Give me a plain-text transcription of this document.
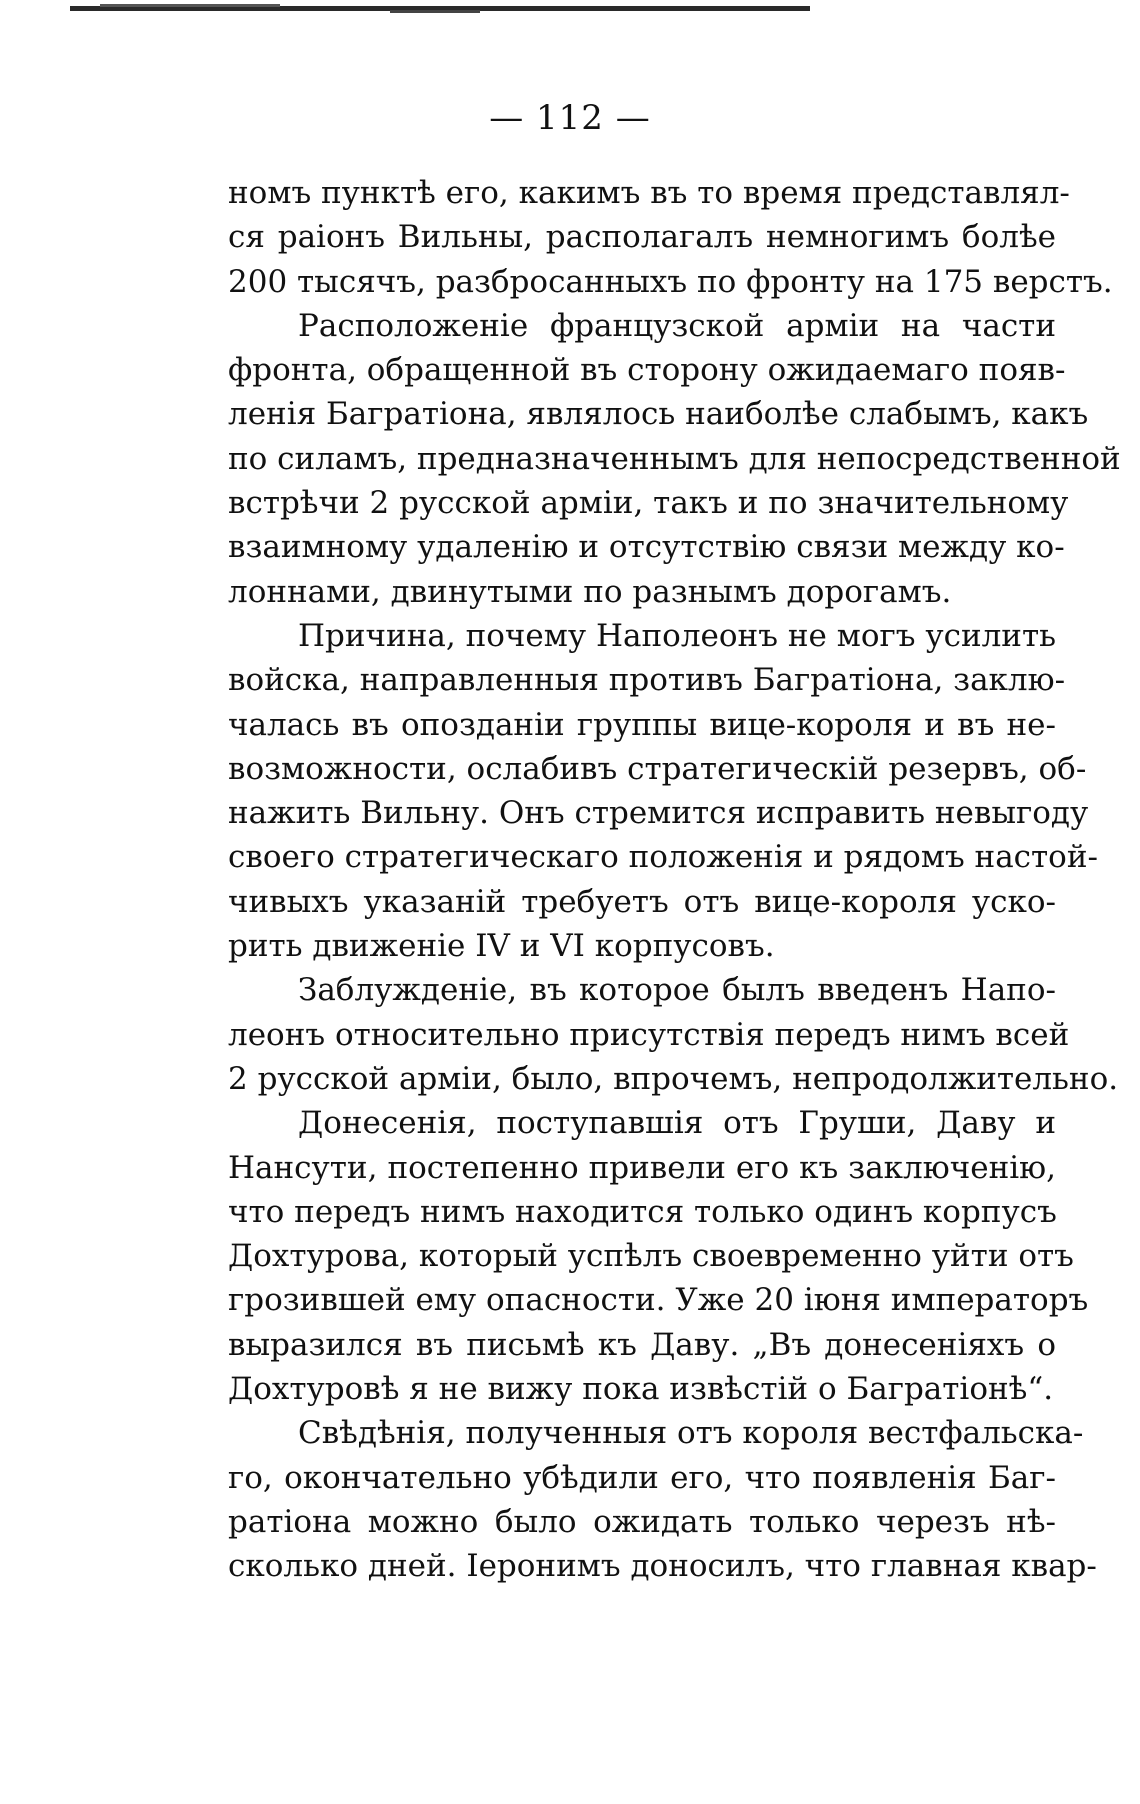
— 112 —
номъ пунктѣ его, какимъ въ то время представлял-
ся раіонъ Вильны, располагалъ немногимъ болѣе
200 тысячъ, разбросанныхъ по фронту на 175 верстъ.
Расположеніе французской арміи на части
фронта, обращенной въ сторону ожидаемаго появ-
ленія Багратіона, являлось наиболѣе слабымъ, какъ
по силамъ, предназначеннымъ для непосредственной
встрѣчи 2 русской арміи, такъ и по значительному
взаимному удаленію и отсутствію связи между ко-
лоннами, двинутыми по разнымъ дорогамъ.
Причина, почему Наполеонъ не могъ усилить
войска, направленныя противъ Багратіона, заклю-
чалась въ опозданіи группы вице-короля и въ не-
возможности, ослабивъ стратегическій резервъ, об-
нажить Вильну. Онъ стремится исправить невыгоду
своего стратегическаго положенія и рядомъ настой-
чивыхъ указаній требуетъ отъ вице-короля уско-
рить движеніе IV и VI корпусовъ.
Заблужденіе, въ которое былъ введенъ Напо-
леонъ относительно присутствія передъ нимъ всей
2 русской арміи, было, впрочемъ, непродолжительно.
Донесенія, поступавшія отъ Груши, Даву и
Нансути, постепенно привели его къ заключенію,
что передъ нимъ находится только одинъ корпусъ
Дохтурова, который успѣлъ своевременно уйти отъ
грозившей ему опасности. Уже 20 іюня императоръ
выразился въ письмѣ къ Даву. „Въ донесеніяхъ о
Дохтуровѣ я не вижу пока извѣстій о Багратіонѣ“.
Свѣдѣнія, полученныя отъ короля вестфальска-
го, окончательно убѣдили его, что появленія Баг-
ратіона можно было ожидать только черезъ нѣ-
сколько дней. Іеронимъ доносилъ, что главная квар-
